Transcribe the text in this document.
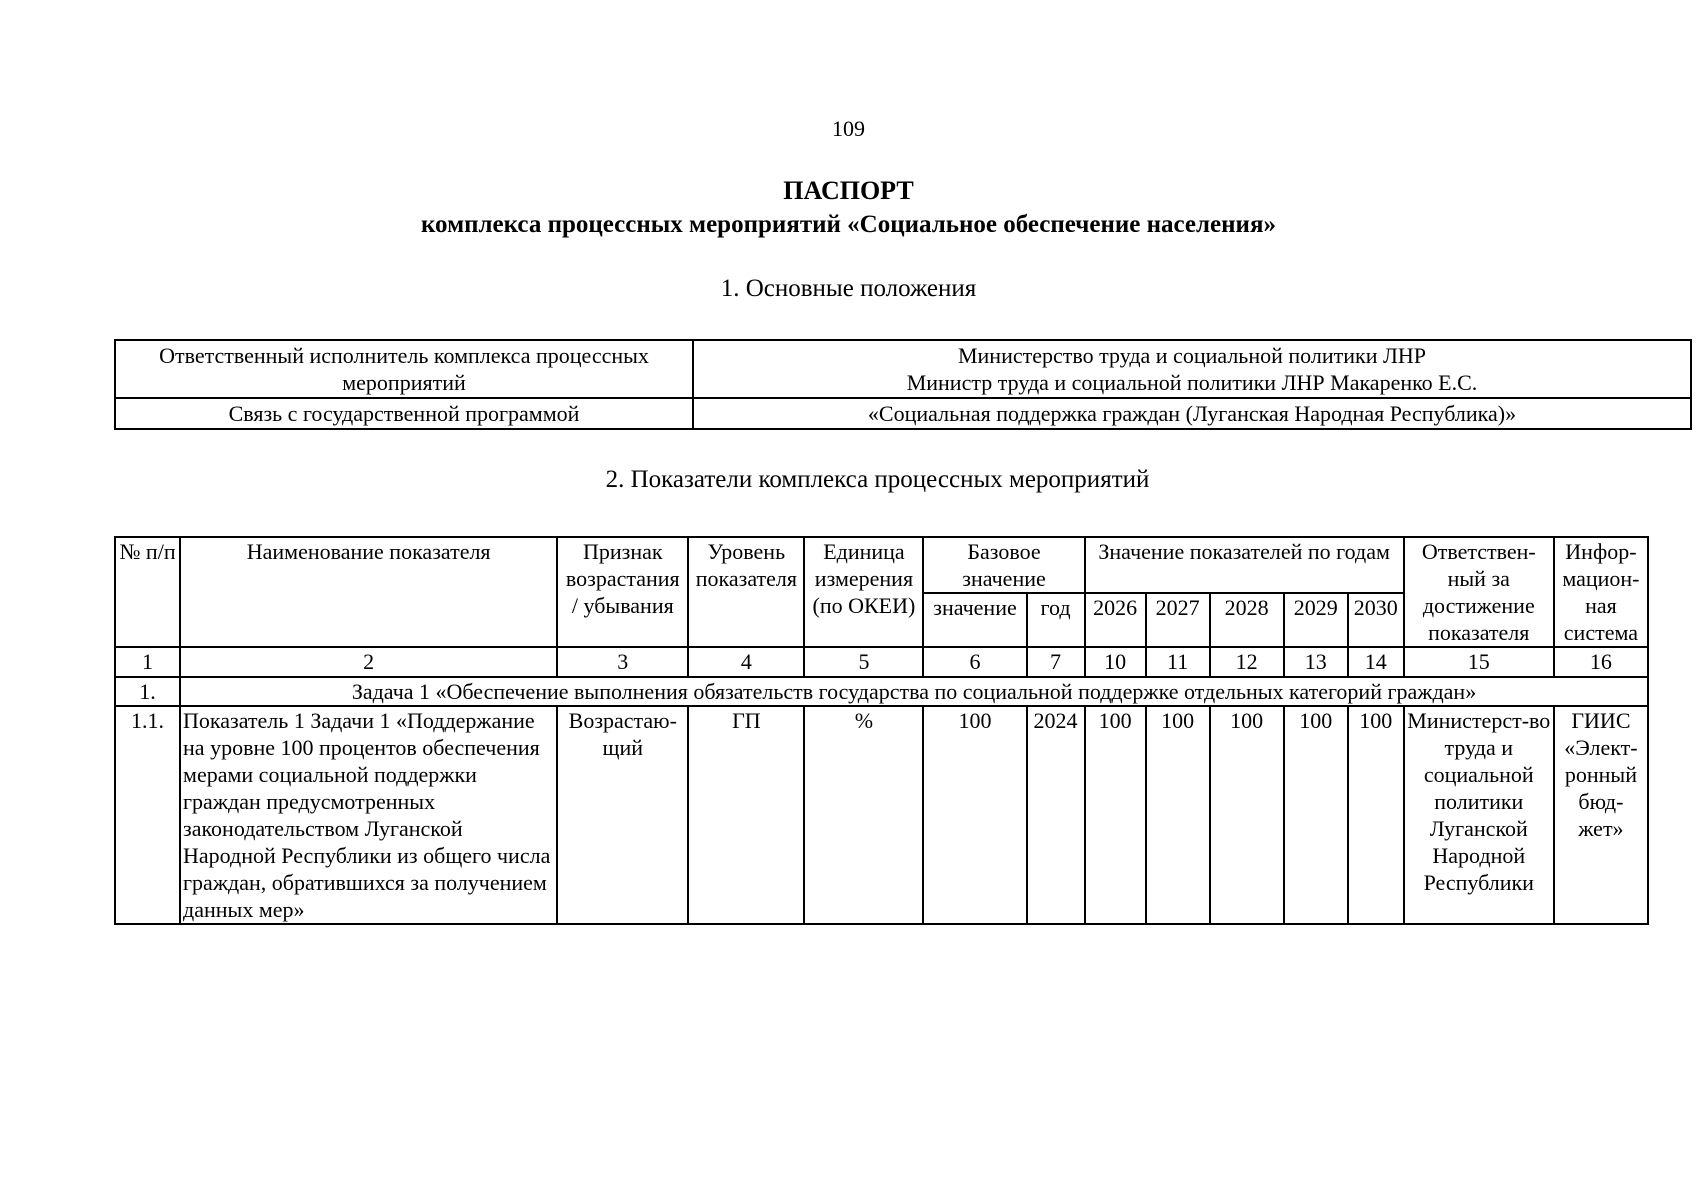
109
ПАСПОРТ
комплекса процессных мероприятий «Социальное обеспечение населения»
1. Основные положения
Ответственный исполнитель комплекса процессных мероприятий	Министерство труда и социальной политики ЛНР
Министр труда и социальной политики ЛНР Макаренко Е.С.

Связь с государственной программой	«Социальная поддержка граждан (Луганская Народная Республика)»
2. Показатели комплекса процессных мероприятий
№ п/п	Наименование показателя	Признак возрастания / убывания	Уровень показателя	Единица измерения (по ОКЕИ)	Базовое значение		Значение показателей по годам					Ответствен-ный за достижение показателя	Инфор-мацион-ная система
					значение	год	2026	2027	2028	2029	2030		
1	2	3	4	5	6	7	10	11	12	13	14	15	16
1.	Задача 1 «Обеспечение выполнения обязательств государства по социальной поддержке отдельных категорий граждан»												
1.1.	Показатель 1 Задачи 1 «Поддержание на уровне 100 процентов обеспечения мерами социальной поддержки граждан предусмотренных законодательством Луганской Народной Республики из общего числа граждан, обратившихся за получением данных мер»	Возрастаю-щий	ГП	%	100	2024	100	100	100	100	100	Министерст-во труда и социальной политики Луганской Народной Республики	ГИИС «Элект-ронный бюд-жет»
